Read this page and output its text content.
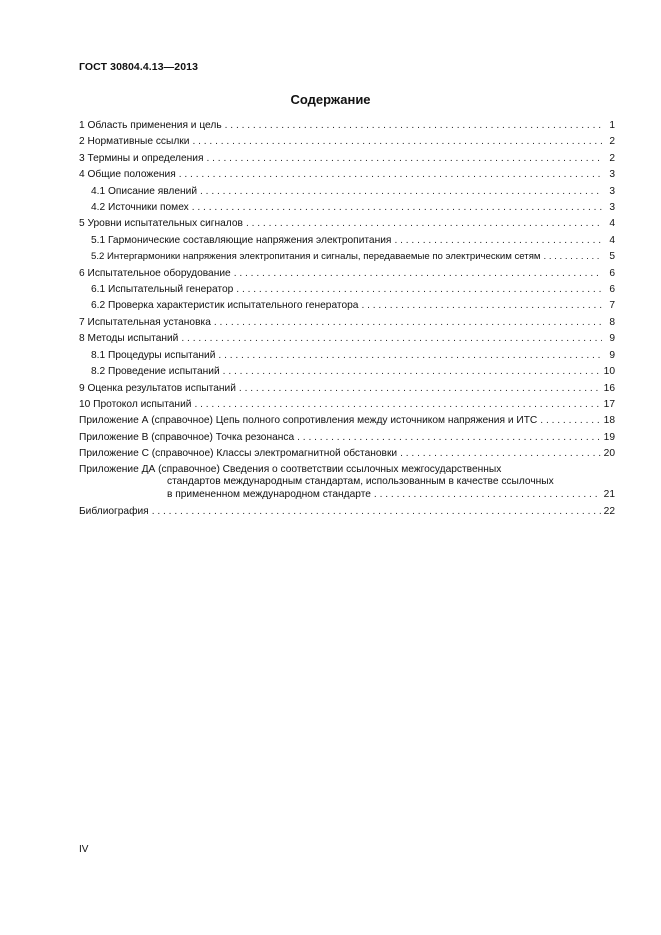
ГОСТ 30804.4.13—2013
Содержание
1 Область применения и цель . . .	1
2 Нормативные ссылки . . .	2
3 Термины и определения . . .	2
4 Общие положения . . .	3
4.1 Описание явлений . . .	3
4.2 Источники помех . . .	3
5 Уровни испытательных сигналов . . .	4
5.1 Гармонические составляющие напряжения электропитания . . .	4
5.2 Интергармоники напряжения электропитания и сигналы, передаваемые по электрическим сетям . . .	5
6 Испытательное оборудование . . .	6
6.1 Испытательный генератор . . .	6
6.2 Проверка характеристик испытательного генератора . . .	7
7 Испытательная установка . . .	8
8 Методы испытаний . . .	9
8.1 Процедуры испытаний . . .	9
8.2 Проведение испытаний . . .	10
9 Оценка результатов испытаний . . .	16
10 Протокол испытаний . . .	17
Приложение А (справочное) Цепь полного сопротивления между источником напряжения и ИТС . . .	18
Приложение В (справочное) Точка резонанса . . .	19
Приложение С (справочное) Классы электромагнитной обстановки . . .	20
Приложение ДА (справочное) Сведения о соответствии ссылочных межгосударственных
стандартов международным стандартам, использованным в качестве ссылочных
в примененном международном стандарте . . .	21
Библиография . . .	22
IV
